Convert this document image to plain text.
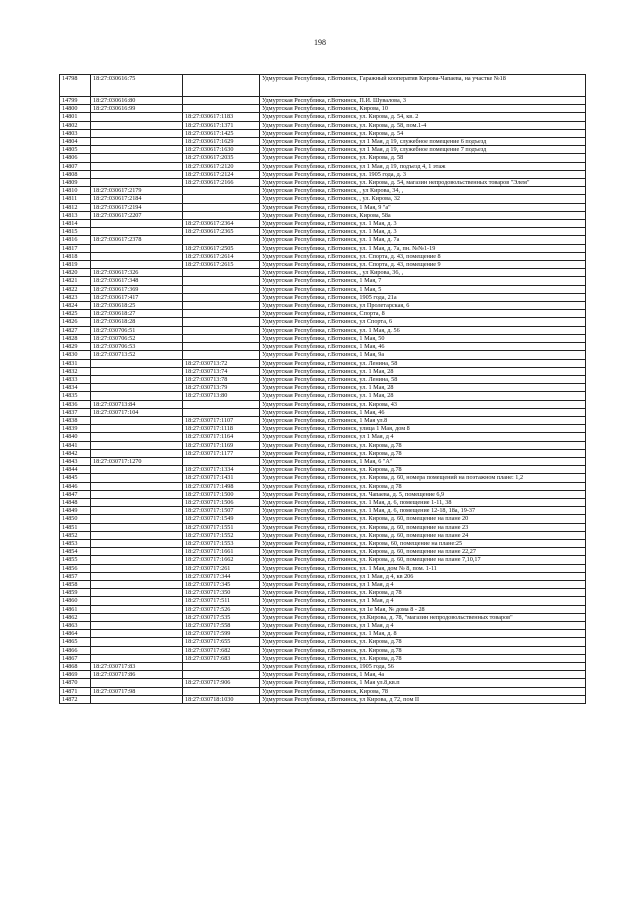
198
14798	18:27:030616:75		Удмуртская Республика, г.Воткинск, Гаражный кооператив Кирова-Чапаева, на участке №18
14799	18:27:030616:80		Удмуртская Республика, г.Воткинск, П.И. Шувалова, 3
14800	18:27:030616:99		Удмуртская Республика, г.Воткинск, Кирова, 10
14801		18:27:030617:1183	Удмуртская Республика, г.Воткинск, ул. Кирова, д. 54, кв. 2
14802		18:27:030617:1371	Удмуртская Республика, г.Воткинск, ул. Кирова, д. 58, пом.1-4
14803		18:27:030617:1425	Удмуртская Республика, г.Воткинск, ул. Кирова, д. 54
14804		18:27:030617:1629	Удмуртская Республика, г.Воткинск, ул 1 Мая, д 19, служебное помещение 6 подъезд
14805		18:27:030617:1630	Удмуртская Республика, г.Воткинск, ул 1 Мая, д 19, служебное помещение 7 подъезд
14806		18:27:030617:2035	Удмуртская Республика, г.Воткинск, ул. Кирова, д. 58
14807		18:27:030617:2120	Удмуртская Республика, г.Воткинск, ул 1 Мая, д 19, подъезд 4, 1 этаж
14808		18:27:030617:2124	Удмуртская Республика, г.Воткинск, ул. 1905 года, д. 3
14809		18:27:030617:2166	Удмуртская Республика, г.Воткинск, ул. Кирова, д. 54, магазин непродовольственных товаров "Элем"
14810	18:27:030617:2179		Удмуртская Республика, г.Воткинск, , ул Кирова, 34, ,
14811	18:27:030617:2184		Удмуртская Республика, г.Воткинск, , ул. Кирова, 32
14812	18:27:030617:2194		Удмуртская Республика, г.Воткинск, 1 Мая, 9 "а"
14813	18:27:030617:2207		Удмуртская Республика, г.Воткинск, Кирова, 58а
14814		18:27:030617:2364	Удмуртская Республика, г.Воткинск, ул. 1 Мая, д. 3
14815		18:27:030617:2365	Удмуртская Республика, г.Воткинск, ул. 1 Мая, д. 3
14816	18:27:030617:2378		Удмуртская Республика, г.Воткинск, ул. 1 Мая, д. 7а
14817		18:27:030617:2505	Удмуртская Республика, г.Воткинск, ул. 1 Мая, д. 7а, пн. №№1-19
14818		18:27:030617:2614	Удмуртская Республика, г.Воткинск, ул. Спорта, д. 43, помещение 8
14819		18:27:030617:2615	Удмуртская Республика, г.Воткинск, ул. Спорта, д. 43, помещение 9
14820	18:27:030617:326		Удмуртская Республика, г.Воткинск, , ул Кирова, 36, ,
14821	18:27:030617:348		Удмуртская Республика, г.Воткинск, 1 Мая, 7
14822	18:27:030617:369		Удмуртская Республика, г.Воткинск, 1 Мая, 5
14823	18:27:030617:417		Удмуртская Республика, г.Воткинск, 1905 года, 21а
14824	18:27:030618:25		Удмуртская Республика, г.Воткинск, ул Пролетарская, 6
14825	18:27:030618:27		Удмуртская Республика, г.Воткинск, Спорта, 8
14826	18:27:030618:28		Удмуртская Республика, г.Воткинск, ул Спорта, 6
14827	18:27:030706:51		Удмуртская Республика, г.Воткинск, ул. 1 Мая, д. 56
14828	18:27:030706:52		Удмуртская Республика, г.Воткинск, 1 Мая, 50
14829	18:27:030706:53		Удмуртская Республика, г.Воткинск, 1 Мая, 46
14830	18:27:030713:52		Удмуртская Республика, г.Воткинск, 1 Мая, 9а
14831		18:27:030713:72	Удмуртская Республика, г.Воткинск, ул. Ленина, 58
14832		18:27:030713:74	Удмуртская Республика, г.Воткинск, ул. 1 Мая, 28
14833		18:27:030713:78	Удмуртская Республика, г.Воткинск, ул. Ленина, 58
14834		18:27:030713:79	Удмуртская Республика, г.Воткинск, ул. 1 Мая, 28
14835		18:27:030713:80	Удмуртская Республика, г.Воткинск, ул. 1 Мая, 28
14836	18:27:030713:84		Удмуртская Республика, г.Воткинск, ул. Кирова, 43
14837	18:27:030717:104		Удмуртская Республика, г.Воткинск, 1 Мая, 46
14838		18:27:030717:1107	Удмуртская Республика, г.Воткинск, 1 Мая ул.8
14839		18:27:030717:1118	Удмуртская Республика, г.Воткинск, улица 1 Мая, дом 8
14840		18:27:030717:1164	Удмуртская Республика, г.Воткинск, ул 1 Мая, д 4
14841		18:27:030717:1169	Удмуртская Республика, г.Воткинск, ул. Кирова, д.78
14842		18:27:030717:1177	Удмуртская Республика, г.Воткинск, ул. Кирова, д.78
14843	18:27:030717:1270		Удмуртская Республика, г.Воткинск, 1 Мая, 6 "А"
14844		18:27:030717:1334	Удмуртская Республика, г.Воткинск, ул. Кирова, д.78
14845		18:27:030717:1431	Удмуртская Республика, г.Воткинск, ул. Кирова, д. 60, номера помещений на поэтажном плане: 1,2
14846		18:27:030717:1498	Удмуртская Республика, г.Воткинск, ул. Кирова, д 78
14847		18:27:030717:1500	Удмуртская Республика, г.Воткинск, ул. Чапаева, д. 5, помещение 6,9
14848		18:27:030717:1506	Удмуртская Республика, г.Воткинск, ул. 1 Мая, д. 6, помещение 1-11, 38
14849		18:27:030717:1507	Удмуртская Республика, г.Воткинск, ул. 1 Мая, д. 6, помещение 12-18, 18а, 19-37
14850		18:27:030717:1549	Удмуртская Республика, г.Воткинск, ул. Кирова, д. 60, помещение на плане 20
14851		18:27:030717:1551	Удмуртская Республика, г.Воткинск, ул. Кирова, д. 60, помещение на плане 23
14852		18:27:030717:1552	Удмуртская Республика, г.Воткинск, ул. Кирова, д. 60, помещение на плане 24
14853		18:27:030717:1553	Удмуртская Республика, г.Воткинск, ул. Кирова, 60, помещение на плане:25
14854		18:27:030717:1661	Удмуртская Республика, г.Воткинск, ул. Кирова, д. 60, помещение на плане 22,27
14855		18:27:030717:1662	Удмуртская Республика, г.Воткинск, ул. Кирова, д. 60, помещение на плане 7,10,17
14856		18:27:030717:261	Удмуртская Республика, г.Воткинск, ул. 1 Мая, дом № 8, пом. 1-11
14857		18:27:030717:344	Удмуртская Республика, г.Воткинск, ул 1 Мая, д 4, кв 206
14858		18:27:030717:345	Удмуртская Республика, г.Воткинск, ул 1 Мая, д 4
14859		18:27:030717:350	Удмуртская Республика, г.Воткинск, ул. Кирова, д 78
14860		18:27:030717:511	Удмуртская Республика, г.Воткинск, ул 1 Мая, д 4
14861		18:27:030717:526	Удмуртская Республика, г.Воткинск, ул 1е Мая, № дома 8 - 28
14862		18:27:030717:535	Удмуртская Республика, г.Воткинск, ул.Кирова, д. 78, "магазин непродовольственных товаров"
14863		18:27:030717:558	Удмуртская Республика, г.Воткинск, ул 1 Мая, д 4
14864		18:27:030717:599	Удмуртская Республика, г.Воткинск, ул. 1 Мая, д. 8
14865		18:27:030717:655	Удмуртская Республика, г.Воткинск, ул. Кирова, д.78
14866		18:27:030717:682	Удмуртская Республика, г.Воткинск, ул. Кирова, д.78
14867		18:27:030717:683	Удмуртская Республика, г.Воткинск, ул. Кирова, д.78
14868	18:27:030717:83		Удмуртская Республика, г.Воткинск, 1905 года, 56
14869	18:27:030717:86		Удмуртская Республика, г.Воткинск, 1 Мая, 4а
14870		18:27:030717:906	Удмуртская Республика, г.Воткинск, 1 Мая ул.8,кв.п
14871	18:27:030717:98		Удмуртская Республика, г.Воткинск, Кирова, 78
14872		18:27:030718:1030	Удмуртская Республика, г.Воткинск, ул Кирова, д 72, пом II
